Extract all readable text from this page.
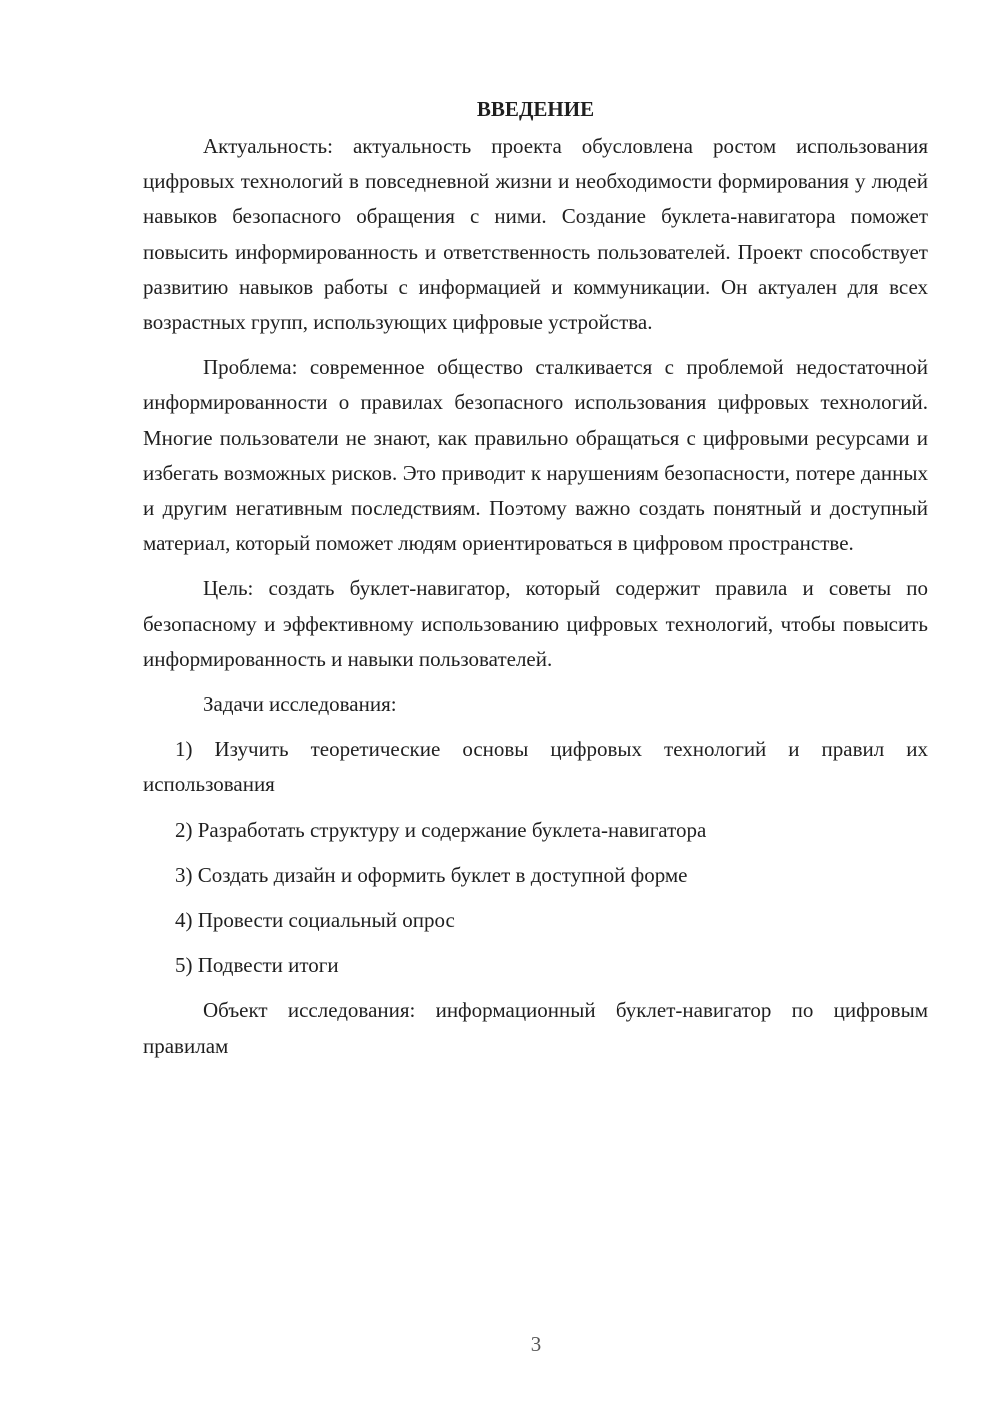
ВВЕДЕНИЕ

Актуальность: актуальность проекта обусловлена ростом использования цифровых технологий в повседневной жизни и необходимости формирования у людей навыков безопасного обращения с ними. Создание буклета-навигатора поможет повысить информированность и ответственность пользователей. Проект способствует развитию навыков работы с информацией и коммуникации. Он актуален для всех возрастных групп, использующих цифровые устройства.

Проблема: современное общество сталкивается с проблемой недостаточной информированности о правилах безопасного использования цифровых технологий. Многие пользователи не знают, как правильно обращаться с цифровыми ресурсами и избегать возможных рисков. Это приводит к нарушениям безопасности, потере данных и другим негативным последствиям. Поэтому важно создать понятный и доступный материал, который поможет людям ориентироваться в цифровом пространстве.

Цель: создать буклет-навигатор, который содержит правила и советы по безопасному и эффективному использованию цифровых технологий, чтобы повысить информированность и навыки пользователей.

Задачи исследования:

1) Изучить теоретические основы цифровых технологий и правил их использования

2) Разработать структуру и содержание буклета-навигатора

3) Создать дизайн и оформить буклет в доступной форме

4) Провести социальный опрос

5) Подвести итоги

Объект исследования: информационный буклет-навигатор по цифровым правилам

3
